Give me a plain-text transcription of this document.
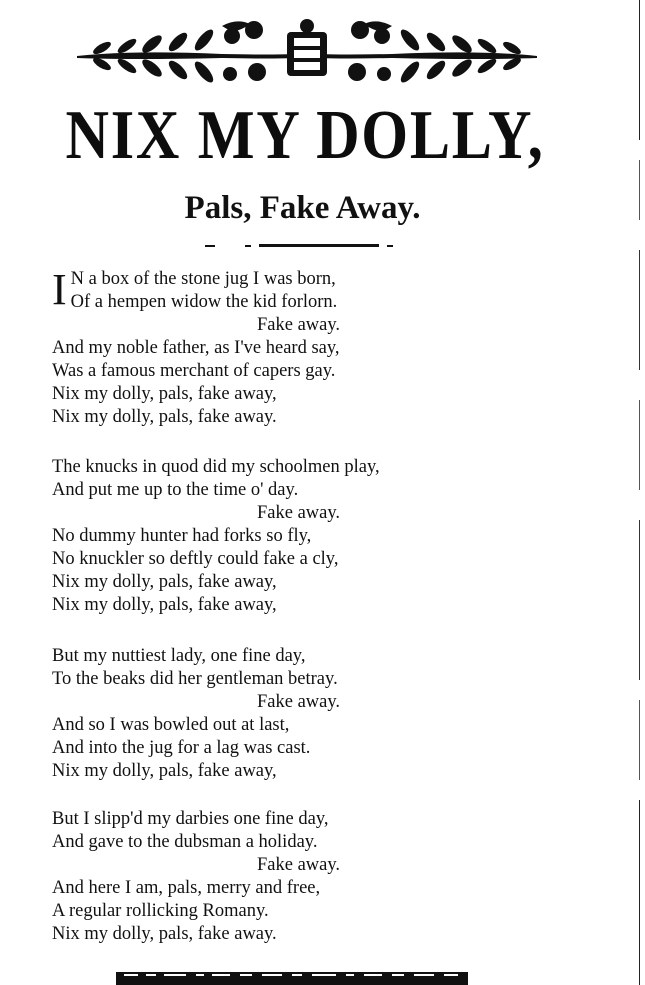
NIX MY DOLLY,
Pals, Fake Away.
I N a box of the stone jug I was born,
Of a hempen widow the kid forlorn.
Fake away.
And my noble father, as I've heard say,
Was a famous merchant of capers gay.
Nix my dolly, pals, fake away,
Nix my dolly, pals, fake away.
The knucks in quod did my schoolmen play,
And put me up to the time o' day.
Fake away.
No dummy hunter had forks so fly,
No knuckler so deftly could fake a cly,
Nix my dolly, pals, fake away,
Nix my dolly, pals, fake away,
But my nuttiest lady, one fine day,
To the beaks did her gentleman betray.
Fake away.
And so I was bowled out at last,
And into the jug for a lag was cast.
Nix my dolly, pals, fake away,
But I slipp'd my darbies one fine day,
And gave to the dubsman a holiday.
Fake away.
And here I am, pals, merry and free,
A regular rollicking Romany.
Nix my dolly, pals, fake away.
